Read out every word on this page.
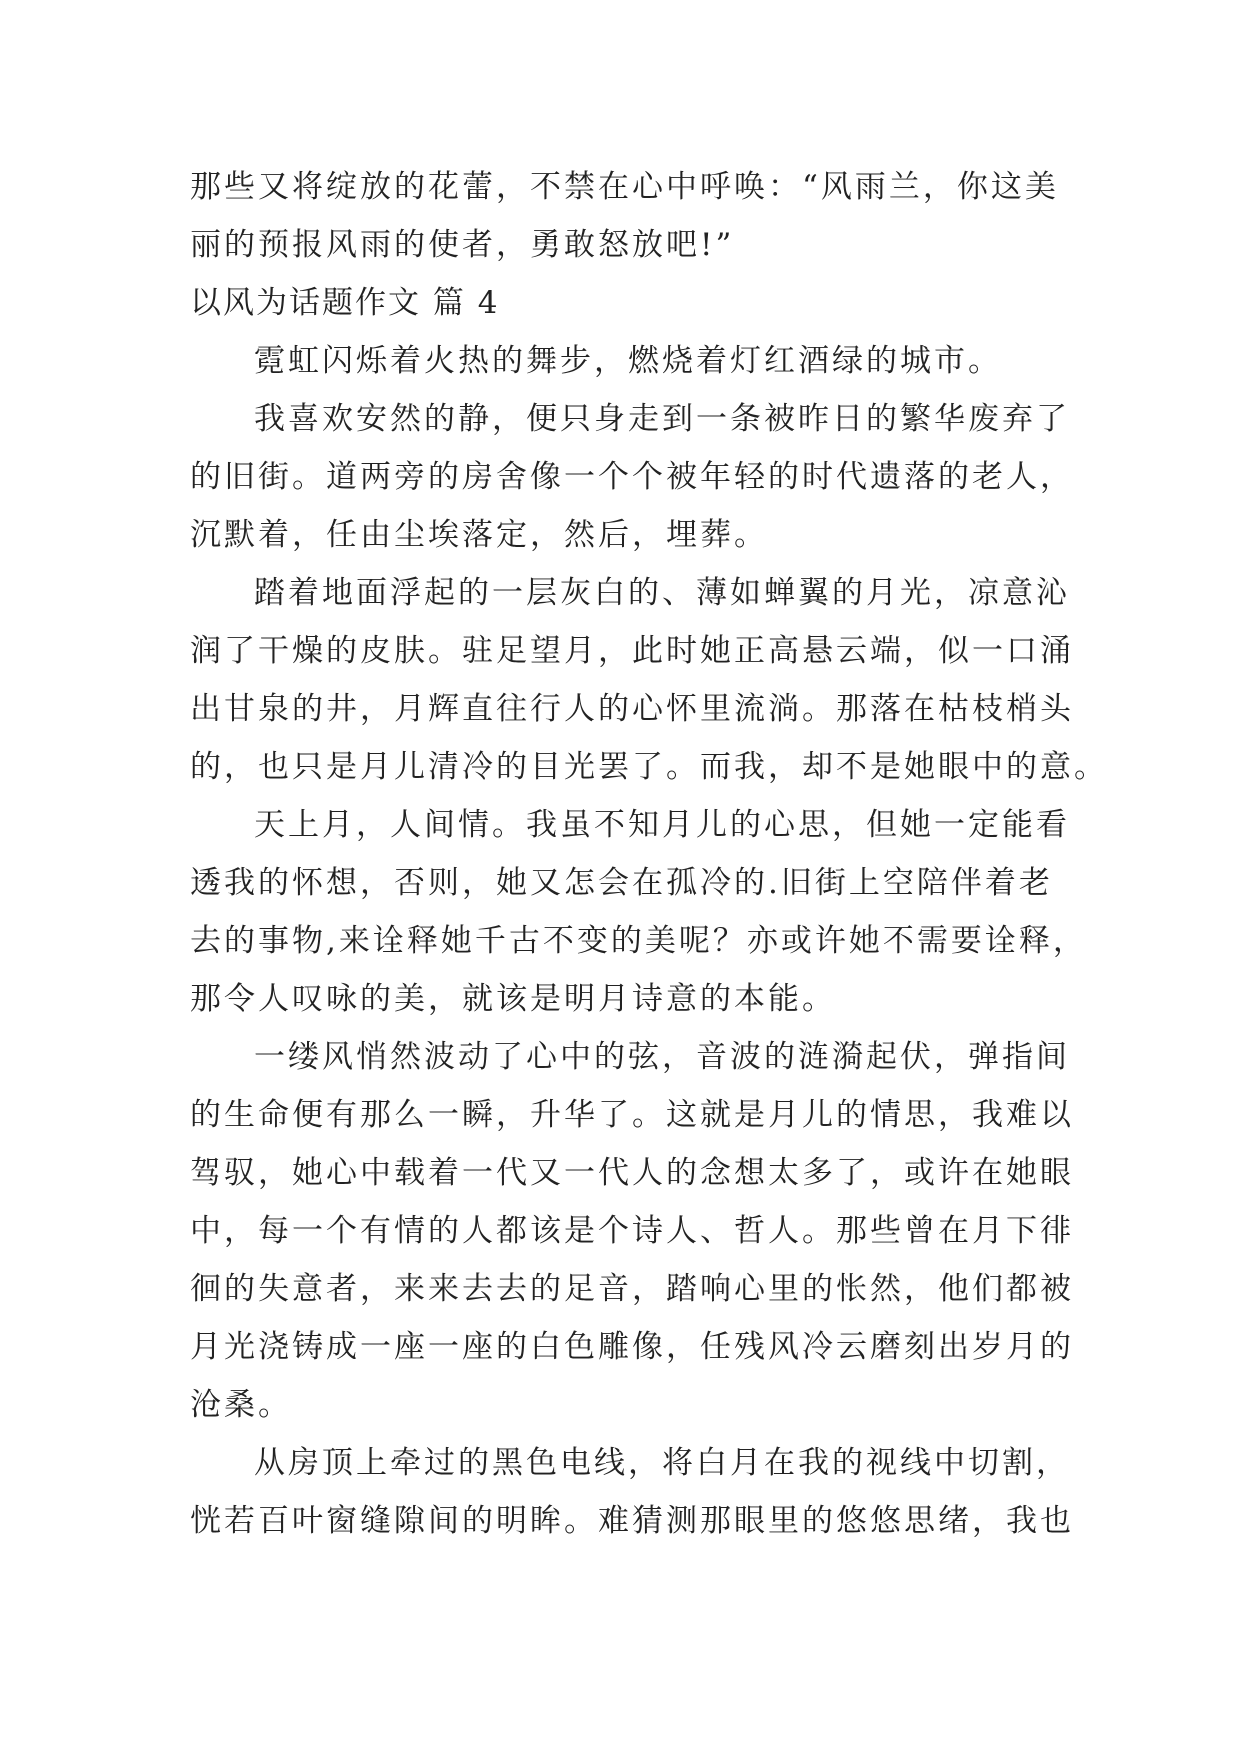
那些又将绽放的花蕾，不禁在心中呼唤：“风雨兰，你这美
丽的预报风雨的使者，勇敢怒放吧!”
以风为话题作文 篇 4
霓虹闪烁着火热的舞步，燃烧着灯红酒绿的城市。
我喜欢安然的静，便只身走到一条被昨日的繁华废弃了
的旧街。道两旁的房舍像一个个被年轻的时代遗落的老人，
沉默着，任由尘埃落定，然后，埋葬。
踏着地面浮起的一层灰白的、薄如蝉翼的月光，凉意沁
润了干燥的皮肤。驻足望月，此时她正高悬云端，似一口涌
出甘泉的井，月辉直往行人的心怀里流淌。那落在枯枝梢头
的，也只是月儿清冷的目光罢了。而我，却不是她眼中的意。
天上月，人间情。我虽不知月儿的心思，但她一定能看
透我的怀想，否则，她又怎会在孤冷的.旧街上空陪伴着老
去的事物,来诠释她千古不变的美呢？亦或许她不需要诠释，
那令人叹咏的美，就该是明月诗意的本能。
一缕风悄然波动了心中的弦，音波的涟漪起伏，弹指间
的生命便有那么一瞬，升华了。这就是月儿的情思，我难以
驾驭，她心中载着一代又一代人的念想太多了，或许在她眼
中，每一个有情的人都该是个诗人、哲人。那些曾在月下徘
徊的失意者，来来去去的足音，踏响心里的怅然，他们都被
月光浇铸成一座一座的白色雕像，任残风冷云磨刻出岁月的
沧桑。
从房顶上牵过的黑色电线，将白月在我的视线中切割，
恍若百叶窗缝隙间的明眸。难猜测那眼里的悠悠思绪，我也
